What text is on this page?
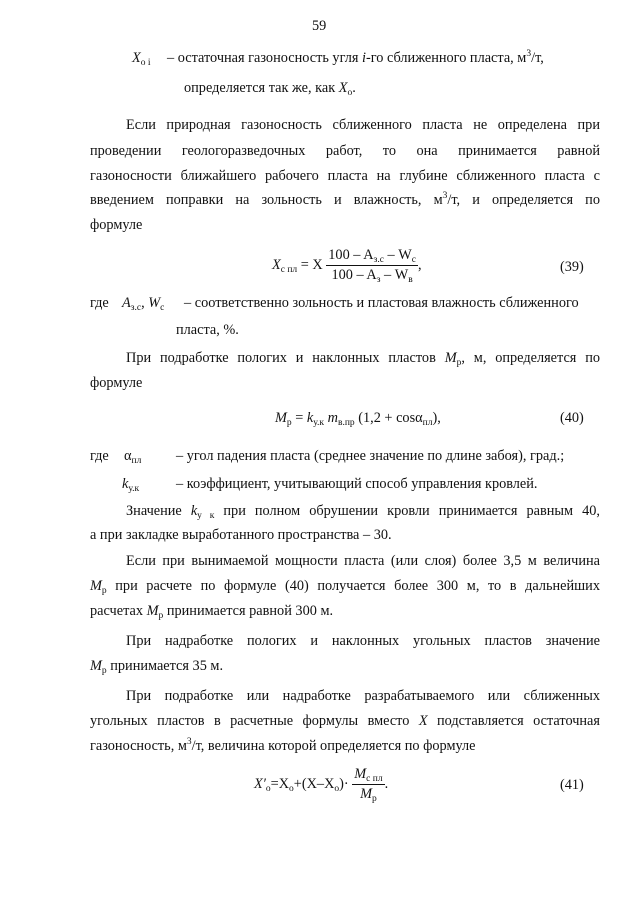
59
$X_{o i}$ – остаточная газоносность угля i-го сближенного пласта, $м^3/т$,
определяется так же, как $X_о$.
Если природная газоносность сближенного пласта не определена при
проведении геологоразведочных работ, то она принимается равной
газоносности ближайшего рабочего пласта на глубине сближенного пласта с
введением поправки на зольность и влажность, $м^3/т$, и определяется по
формуле
$X_{с пл} = X \frac{100 - A_{з.с} - W_с}{100 - A_з - W_в}$ ,	(39)
где $A_{з.с}$, $W_с$ – соответственно зольность и пластовая влажность сближенного
пласта, %.
При подработке пологих и наклонных пластов $M_р$, м, определяется по
формуле
$M_р = k_{у.к}$ $m_{в.пр}$ (1,2 + cosα$_{пл}$),	(40)
где $\alpha_{пл}$ – угол падения пласта (среднее значение по длине забоя), град.;
$k_{у.к}$	– коэффициент, учитывающий способ управления кровлей.
Значение $k_{у к}$ при полном обрушении кровли принимается равным 40,
а при закладке выработанного пространства – 30.
Если при вынимаемой мощности пласта (или слоя) более 3,5 м величина
$M_р$ при расчете по формуле (40) получается более 300 м, то в дальнейших
расчетах $M_р$ принимается равной 300 м.
При надработке пологих и наклонных угольных пластов значение
$M_р$ принимается 35 м.
При подработке или надработке разрабатываемого или сближенных
угольных пластов в расчетные формулы вместо X подставляется остаточная
газоносность, $м^3/т$, величина которой определяется по формуле
$X'_о=X_о+(X-X_о)\cdot \frac{M_{с пл}}{M_р}$ .	(41)
